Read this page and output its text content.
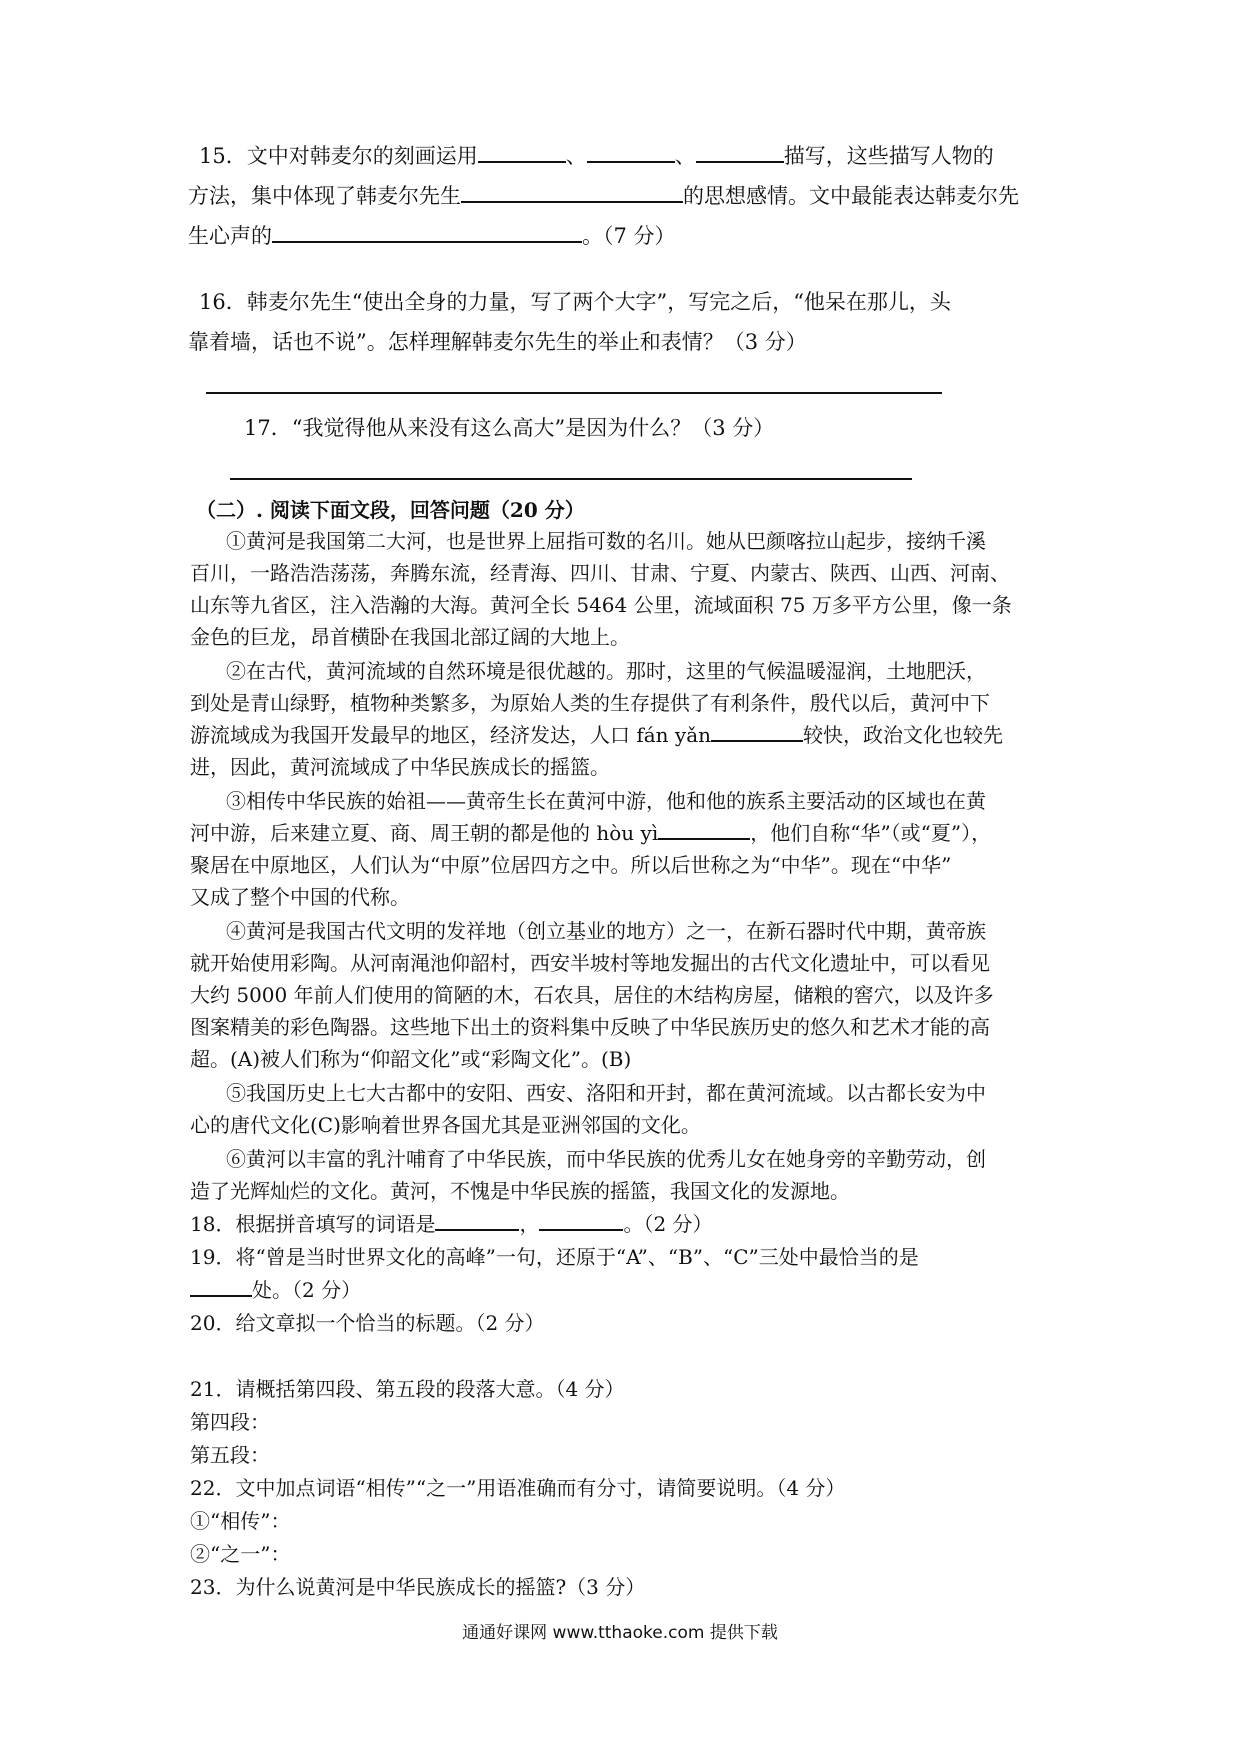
15．文中对韩麦尔的刻画运用	、	、	描写，这些描写人物的
方法，集中体现了韩麦尔先生	的思想感情。文中最能表达韩麦尔先
生心声的	。（7 分）
16．韩麦尔先生“使出全身的力量，写了两个大字”，写完之后，“他呆在那儿，头
靠着墙，话也不说”。怎样理解韩麦尔先生的举止和表情？（3 分）
17．“我觉得他从来没有这么高大”是因为什么？（3 分）
（二）. 阅读下面文段，回答问题（20 分）
①黄河是我国第二大河，也是世界上屈指可数的名川。她从巴颜喀拉山起步，接纳千溪
百川，一路浩浩荡荡，奔腾东流，经青海、四川、甘肃、宁夏、内蒙古、陕西、山西、河南、
山东等九省区，注入浩瀚的大海。黄河全长 5464 公里，流域面积 75 万多平方公里，像一条
金色的巨龙，昂首横卧在我国北部辽阔的大地上。
②在古代，黄河流域的自然环境是很优越的。那时，这里的气候温暖湿润，土地肥沃，
到处是青山绿野，植物种类繁多，为原始人类的生存提供了有利条件，殷代以后，黄河中下
游流域成为我国开发最早的地区，经济发达，人口 fán yǎn	较快，政治文化也较先
进，因此，黄河流域成了中华民族成长的摇篮。
③相传中华民族的始祖——黄帝生长在黄河中游，他和他的族系主要活动的区域也在黄
河中游，后来建立夏、商、周王朝的都是他的 hòu yì	，他们自称“华”（或“夏”），
聚居在中原地区，人们认为“中原”位居四方之中。所以后世称之为“中华”。现在“中华”
又成了整个中国的代称。
④黄河是我国古代文明的发祥地（创立基业的地方）之一，在新石器时代中期，黄帝族
就开始使用彩陶。从河南渑池仰韶村，西安半坡村等地发掘出的古代文化遗址中，可以看见
大约 5000 年前人们使用的简陋的木，石农具，居住的木结构房屋，储粮的窖穴，以及许多
图案精美的彩色陶器。这些地下出土的资料集中反映了中华民族历史的悠久和艺术才能的高
超。(A)被人们称为“仰韶文化”或“彩陶文化”。(B)
⑤我国历史上七大古都中的安阳、西安、洛阳和开封，都在黄河流域。以古都长安为中
心的唐代文化(C)影响着世界各国尤其是亚洲邻国的文化。
⑥黄河以丰富的乳汁哺育了中华民族，而中华民族的优秀儿女在她身旁的辛勤劳动，创
造了光辉灿烂的文化。黄河，不愧是中华民族的摇篮，我国文化的发源地。
18．根据拼音填写的词语是	，	。（2 分）
19．将“曾是当时世界文化的高峰”一句，还原于“A”、“B”、“C”三处中最恰当的是
处。（2 分）
20．给文章拟一个恰当的标题。（2 分）
21．请概括第四段、第五段的段落大意。（4 分）
第四段：
第五段：
22．文中加点词语“相传”“之一”用语准确而有分寸，请简要说明。（4 分）
①“相传”：
②“之一”：
23．为什么说黄河是中华民族成长的摇篮?（3 分）
通通好课网 www.tthaoke.com 提供下载
